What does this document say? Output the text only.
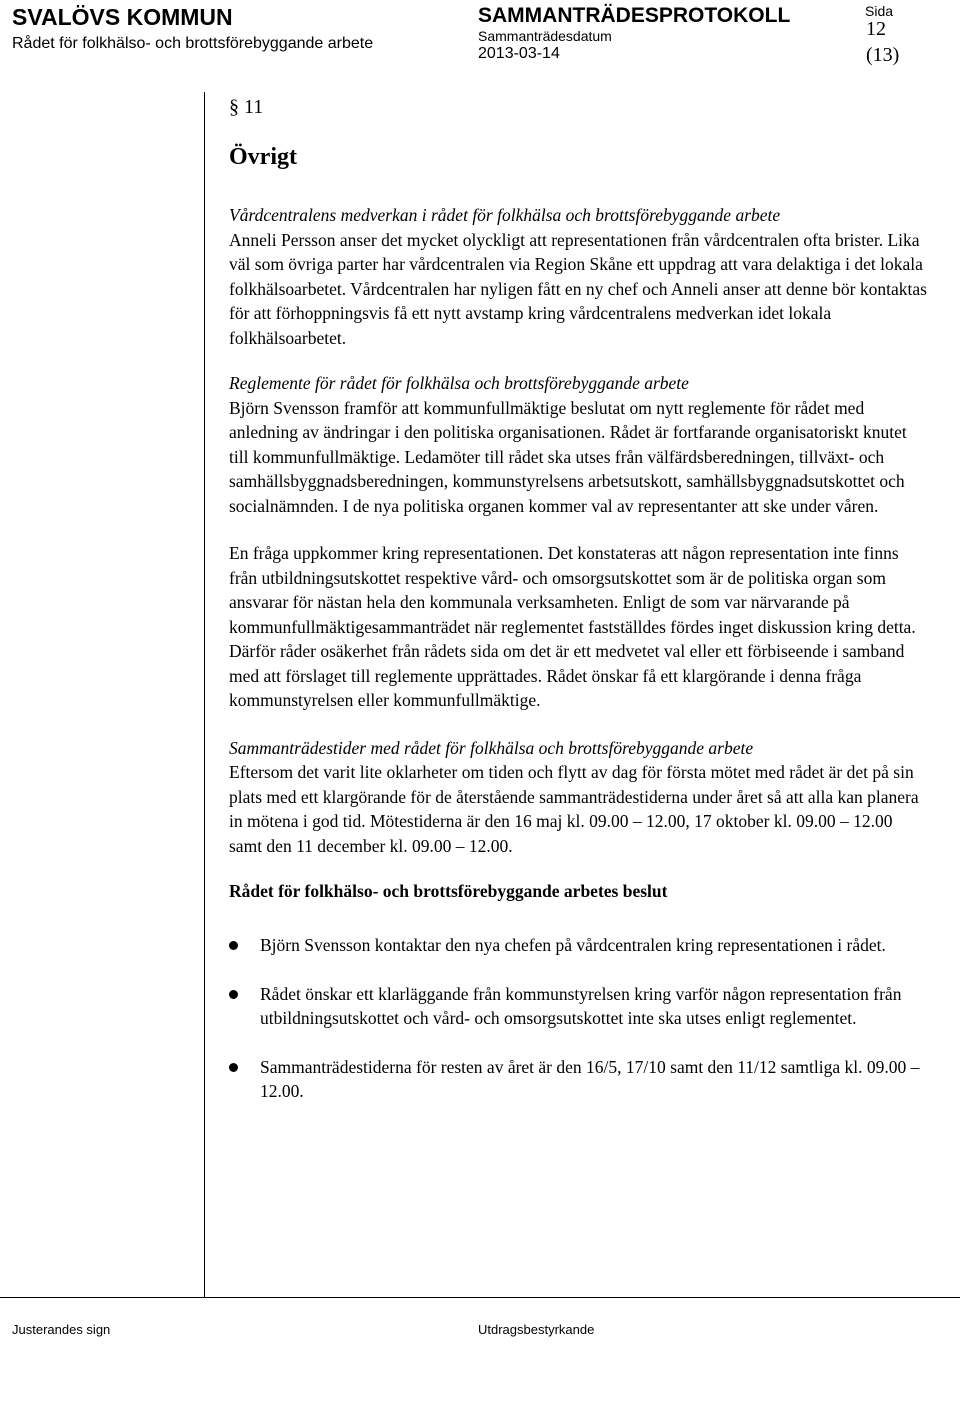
SVALÖVS KOMMUN
Rådet för folkhälso- och brottsförebyggande arbete
SAMMANTRÄDESPROTOKOLL
Sammanträdesdatum
2013-03-14
Sida
12
(13)
§ 11
Övrigt
Vårdcentralens medverkan i rådet för folkhälsa och brottsförebyggande arbete
Anneli Persson anser det mycket olyckligt att representationen från vårdcentralen ofta brister. Lika väl som övriga parter har vårdcentralen via Region Skåne ett uppdrag att vara delaktiga i det lokala folkhälsoarbetet. Vårdcentralen har nyligen fått en ny chef och Anneli anser att denne bör kontaktas för att förhoppningsvis få ett nytt avstamp kring vårdcentralens medverkan idet lokala folkhälsoarbetet.
Reglemente för rådet för folkhälsa och brottsförebyggande arbete
Björn Svensson framför att kommunfullmäktige beslutat om nytt reglemente för rådet med anledning av ändringar i den politiska organisationen. Rådet är fortfarande organisatoriskt knutet till kommunfullmäktige. Ledamöter till rådet ska utses från välfärdsberedningen, tillväxt- och samhällsbyggnadsberedningen, kommunstyrelsens arbetsutskott, samhällsbyggnadsutskottet och socialnämnden. I de nya politiska organen kommer val av representanter att ske under våren.
En fråga uppkommer kring representationen. Det konstateras att någon representation inte finns från utbildningsutskottet respektive vård- och omsorgsutskottet som är de politiska organ som ansvarar för nästan hela den kommunala verksamheten. Enligt de som var närvarande på kommunfullmäktigesammanträdet när reglementet fastställdes fördes inget diskussion kring detta. Därför råder osäkerhet från rådets sida om det är ett medvetet val eller ett förbiseende i samband med att förslaget till reglemente upprättades. Rådet önskar få ett klargörande i denna fråga kommunstyrelsen eller kommunfullmäktige.
Sammanträdestider med rådet för folkhälsa och brottsförebyggande arbete
Eftersom det varit lite oklarheter om tiden och flytt av dag för första mötet med rådet är det på sin plats med ett klargörande för de återstående sammanträdestiderna under året så att alla kan planera in mötena i god tid. Mötestiderna är den 16 maj kl. 09.00 – 12.00, 17 oktober kl. 09.00 – 12.00 samt den 11 december kl. 09.00 – 12.00.
Rådet för folkhälso- och brottsförebyggande arbetes beslut
Björn Svensson kontaktar den nya chefen på vårdcentralen kring representationen i rådet.
Rådet önskar ett klarläggande från kommunstyrelsen kring varför någon representation från utbildningsutskottet och vård- och omsorgsutskottet inte ska utses enligt reglementet.
Sammanträdestiderna för resten av året är den 16/5, 17/10 samt den 11/12 samtliga kl. 09.00 – 12.00.
Justerandes sign	Utdragsbestyrkande
